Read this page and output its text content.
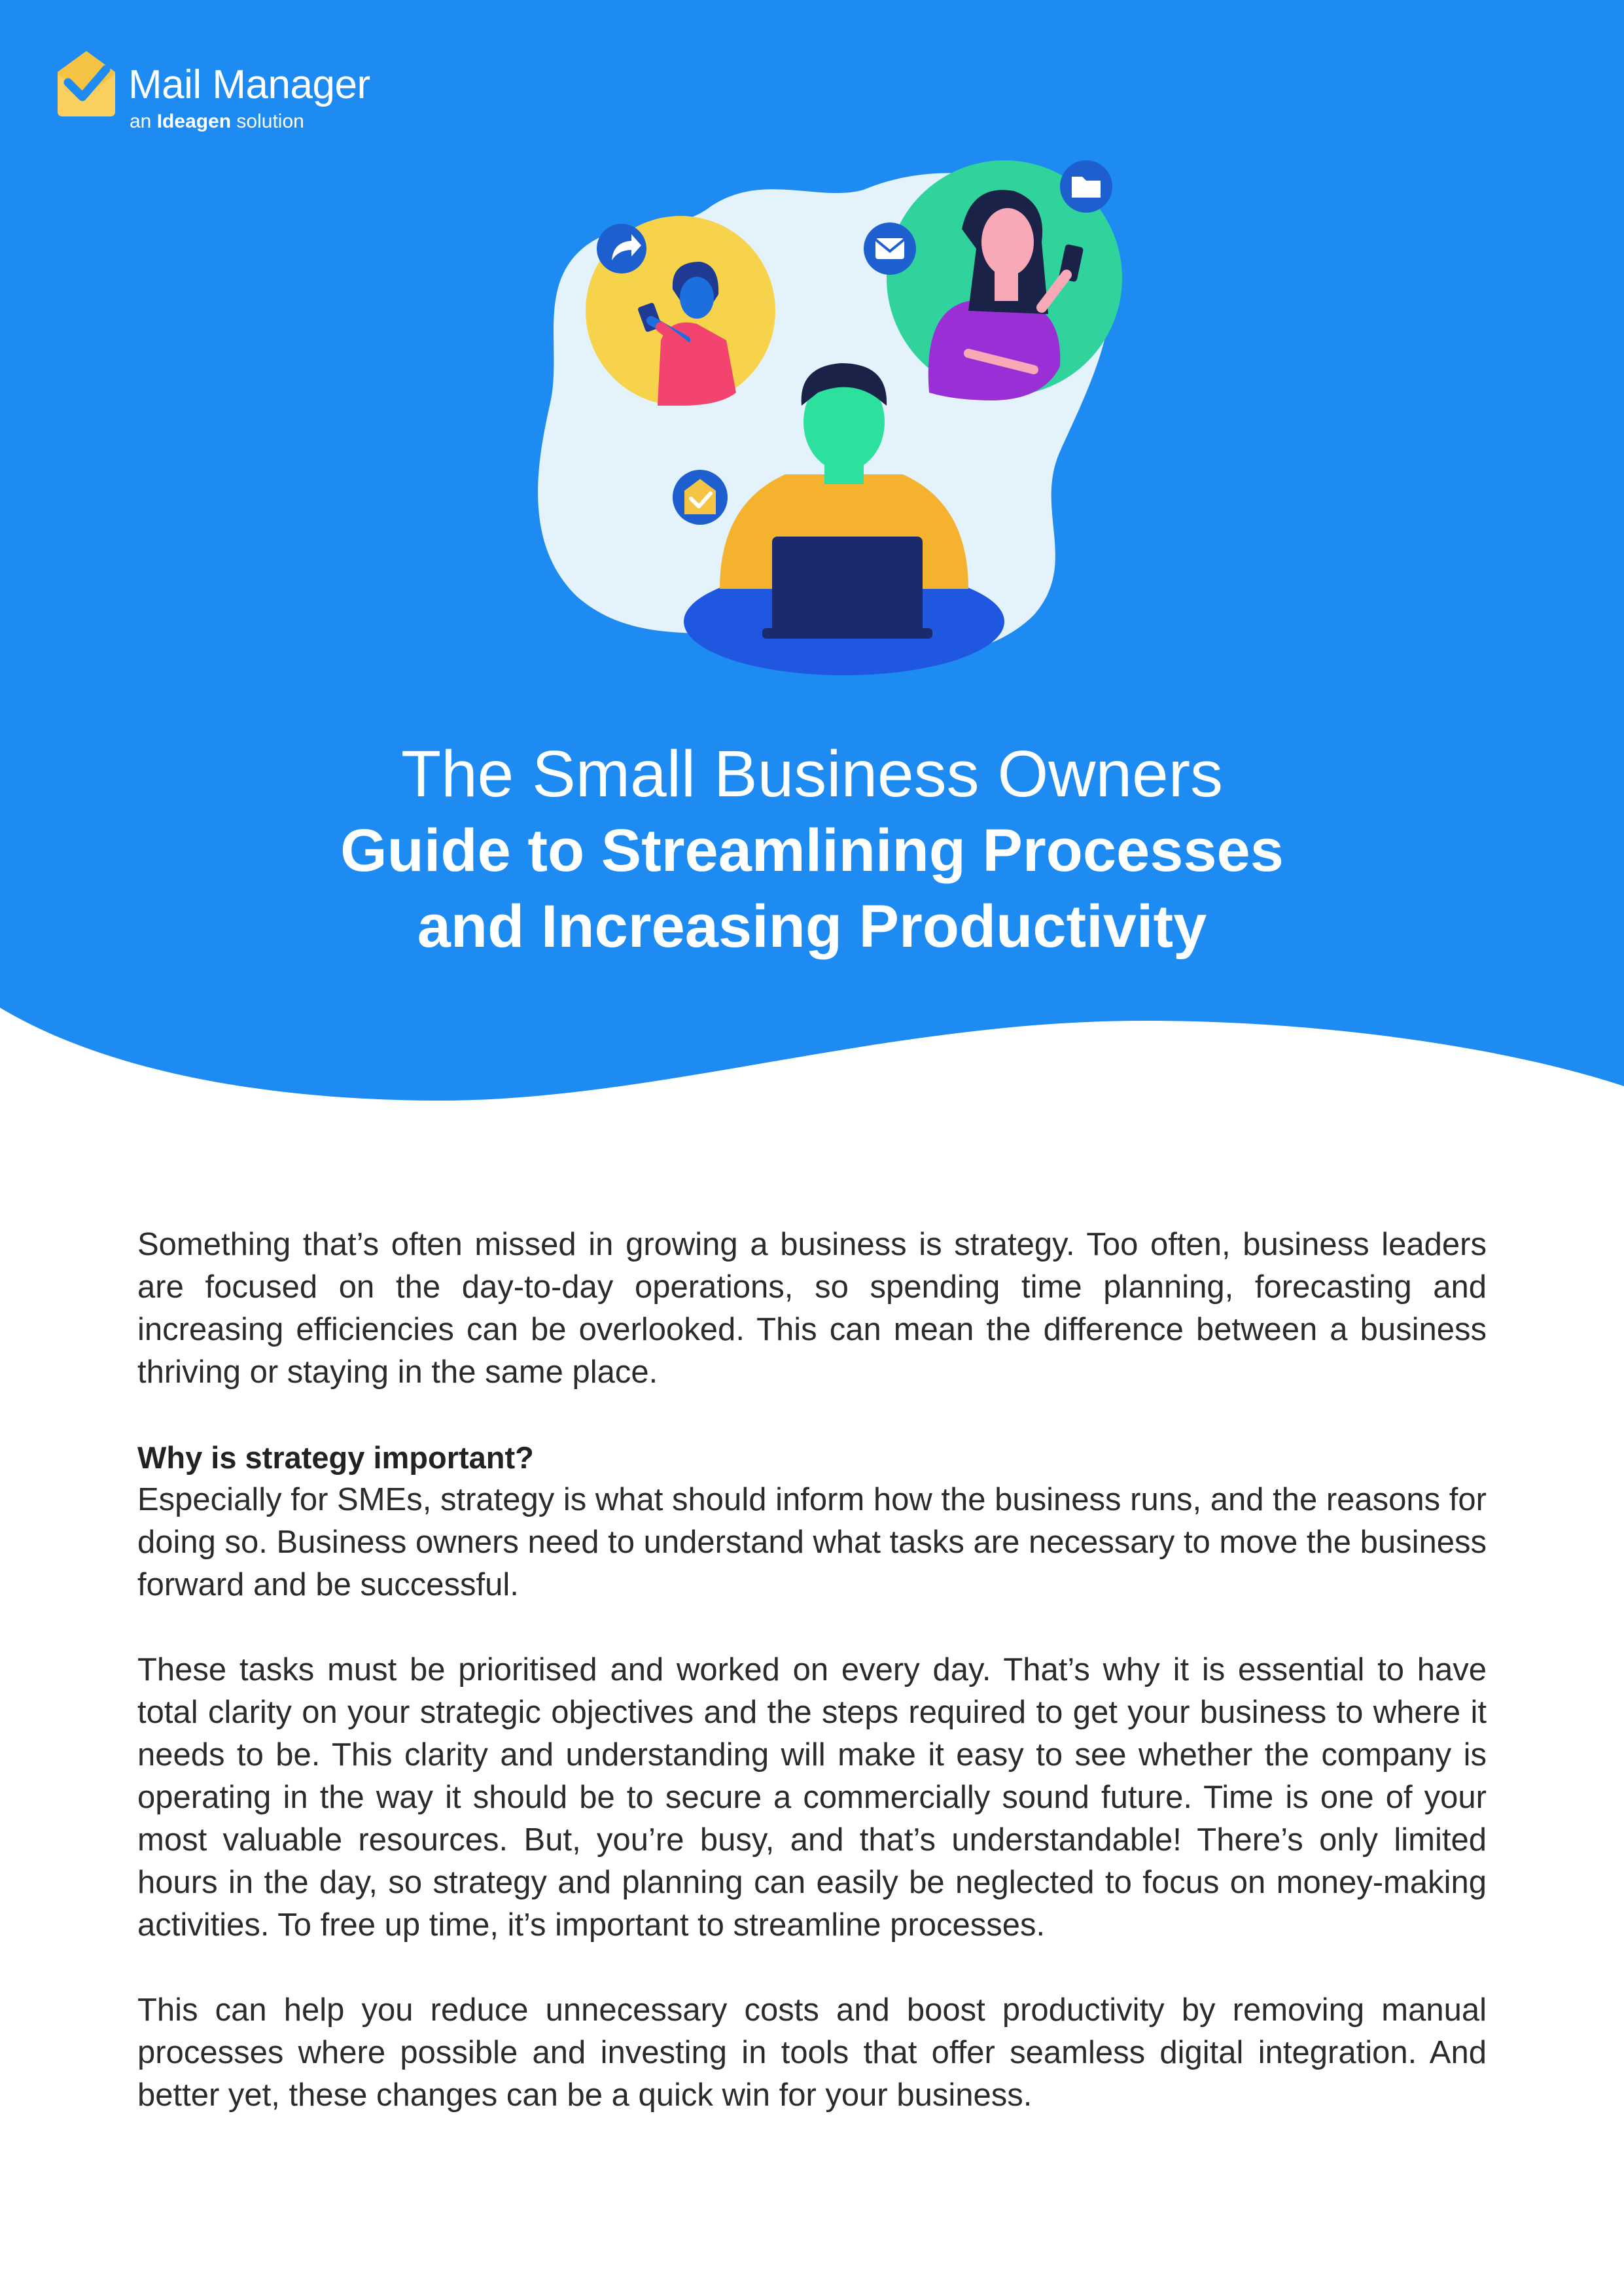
Mail Manager
an Ideagen solution
The Small Business Owners
Guide to Streamlining Processes
and Increasing Productivity

Something that’s often missed in growing a business is strategy. Too often, business leaders are focused on the day-to-day operations, so spending time planning, forecasting and increasing efficiencies can be overlooked. This can mean the difference between a business thriving or staying in the same place.

Why is strategy important?

Especially for SMEs, strategy is what should inform how the business runs, and the reasons for doing so. Business owners need to understand what tasks are necessary to move the business forward and be successful.

These tasks must be prioritised and worked on every day. That’s why it is essential to have total clarity on your strategic objectives and the steps required to get your business to where it needs to be. This clarity and understanding will make it easy to see whether the company is operating in the way it should be to secure a commercially sound future. Time is one of your most valuable resources. But, you’re busy, and that’s understandable! There’s only limited hours in the day, so strategy and planning can easily be neglected to focus on money-making activities. To free up time, it’s important to streamline processes.

This can help you reduce unnecessary costs and boost productivity by removing manual processes where possible and investing in tools that offer seamless digital integration. And better yet, these changes can be a quick win for your business.
